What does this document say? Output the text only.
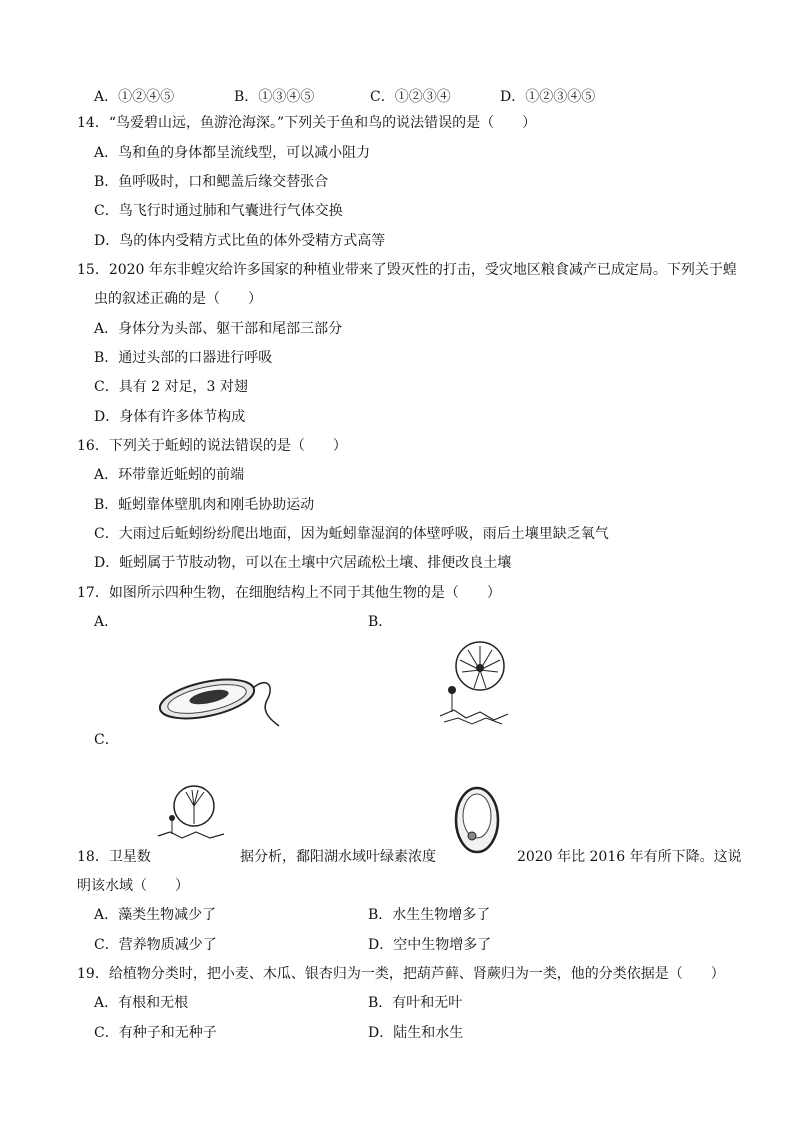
A．①②④⑤	B．①③④⑤	C．①②③④	D．①②③④⑤
14．“鸟爱碧山远，鱼游沧海深。”下列关于鱼和鸟的说法错误的是（　　）
A．鸟和鱼的身体都呈流线型，可以减小阻力
B．鱼呼吸时，口和鳃盖后缘交替张合
C．鸟飞行时通过肺和气囊进行气体交换
D．鸟的体内受精方式比鱼的体外受精方式高等
15．2020 年东非蝗灾给许多国家的种植业带来了毁灭性的打击，受灾地区粮食减产已成定局。下列关于蝗
虫的叙述正确的是（　　）
A．身体分为头部、躯干部和尾部三部分
B．通过头部的口器进行呼吸
C．具有 2 对足，3 对翅
D．身体有许多体节构成
16．下列关于蚯蚓的说法错误的是（　　）
A．环带靠近蚯蚓的前端
B．蚯蚓靠体壁肌肉和刚毛协助运动
C．大雨过后蚯蚓纷纷爬出地面，因为蚯蚓靠湿润的体壁呼吸，雨后土壤里缺乏氧气
D．蚯蚓属于节肢动物，可以在土壤中穴居疏松土壤、排便改良土壤
17．如图所示四种生物，在细胞结构上不同于其他生物的是（　　）
A．	B．
C．
18．卫星数	据分析，鄱阳湖水域叶绿素浓度	2020 年比 2016 年有所下降。这说
明该水域（　　）
A．藻类生物减少了	B．水生生物增多了
C．营养物质减少了	D．空中生物增多了
19．给植物分类时，把小麦、木瓜、银杏归为一类，把葫芦藓、肾蕨归为一类，他的分类依据是（　　）
A．有根和无根	B．有叶和无叶
C．有种子和无种子	D．陆生和水生
